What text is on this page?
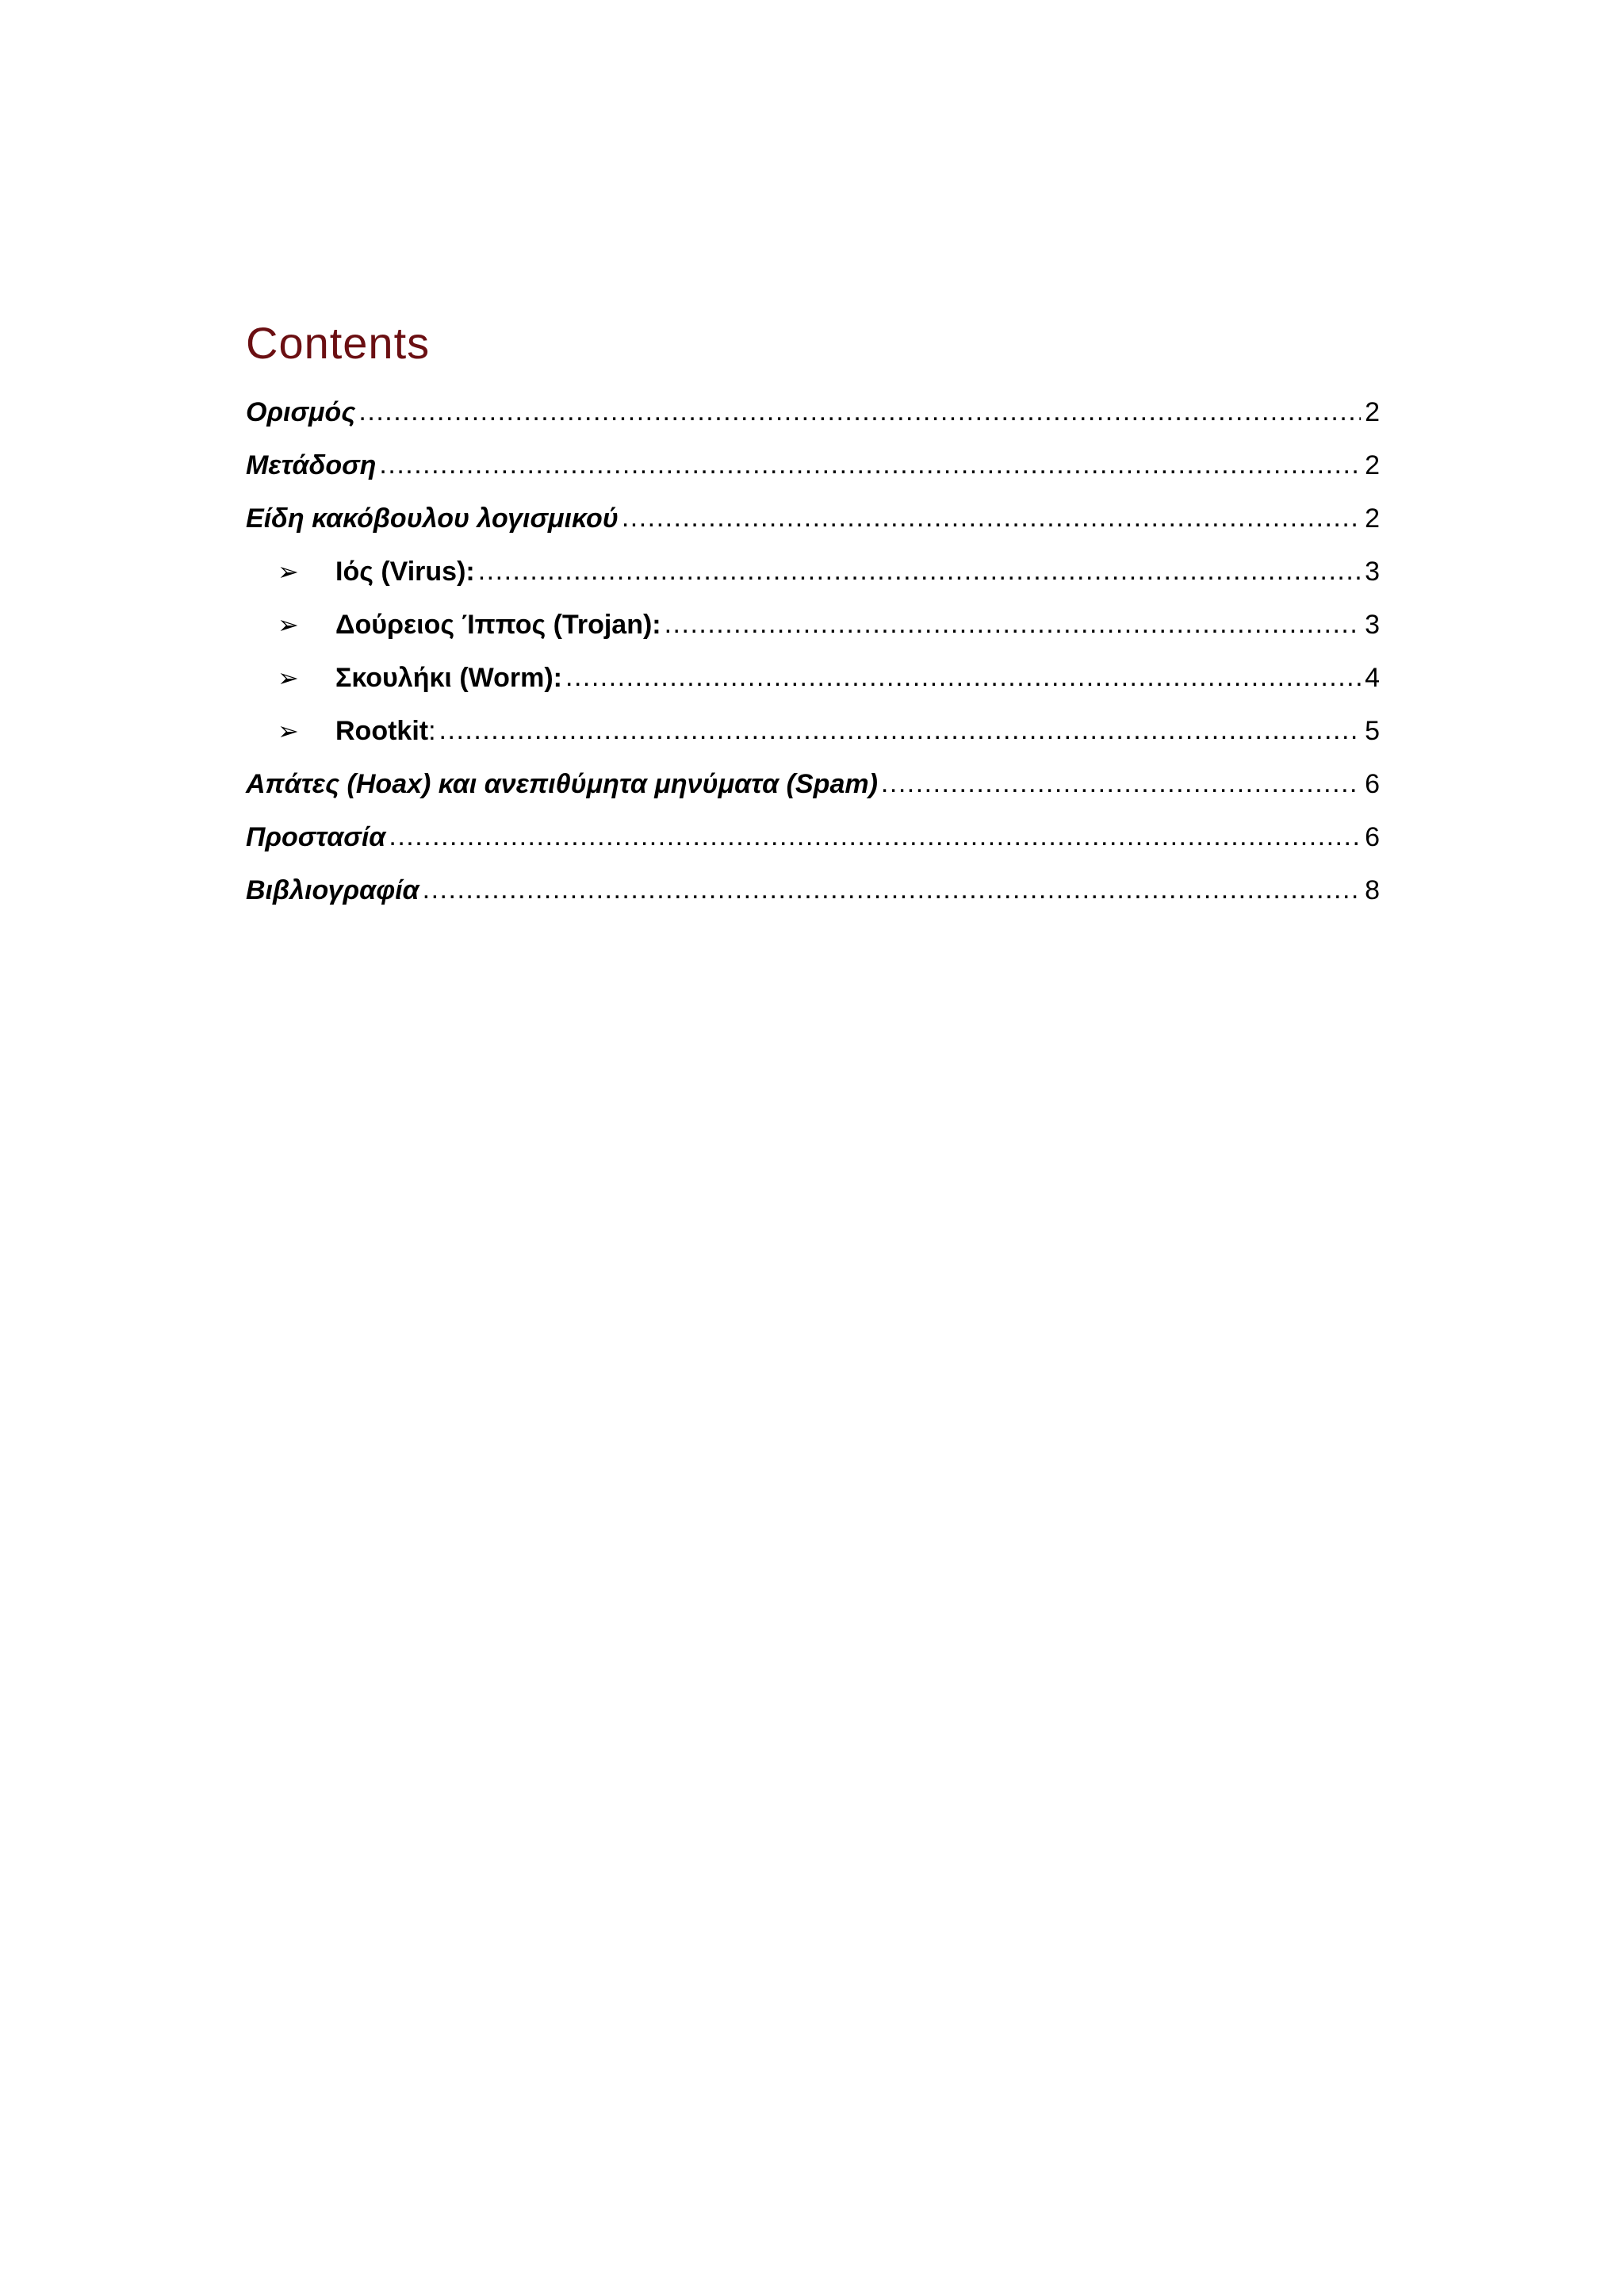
Contents
Ορισμός .....	2
Μετάδοση .....	2
Είδη κακόβουλου λογισμικού .....	2
➢	Ιός (Virus): .....	3
➢	Δούρειος Ίππος (Trojan): .....	3
➢	Σκουλήκι (Worm): .....	4
➢	Rootkit : .....	5
Απάτες (Hoax) και ανεπιθύμητα μηνύματα (Spam) .....	6
Προστασία .....	6
Βιβλιογραφία .....	8
